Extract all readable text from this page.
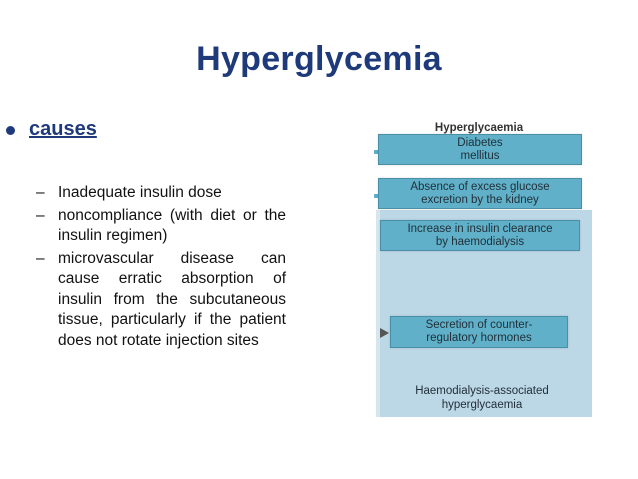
Hyperglycemia
causes
– Inadequate insulin dose
– noncompliance (with diet or the insulin regimen)
– microvascular disease can cause erratic absorption of insulin from the subcutaneous tissue, particularly if the patient does not rotate injection sites
Hyperglycaemia
Diabetes
mellitus
Absence of excess glucose
excretion by the kidney
Increase in insulin clearance
by haemodialysis
Secretion of counter-
regulatory hormones
Haemodialysis-associated
hyperglycaemia
